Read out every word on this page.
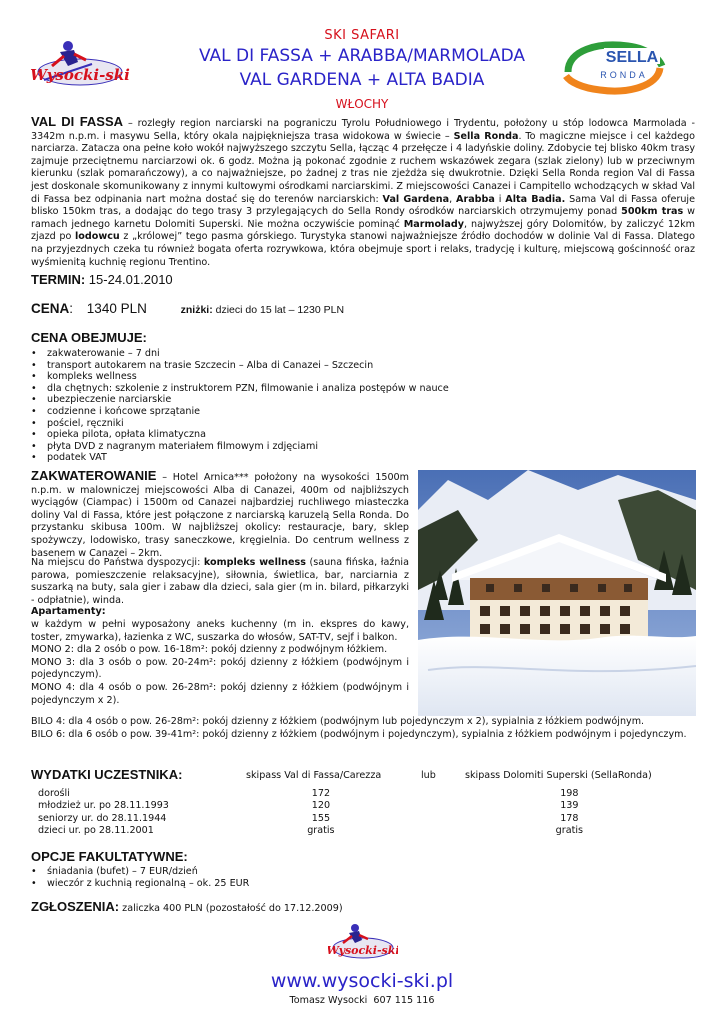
Wysocki-ski
SELLA
RONDA
SKI SAFARI
VAL DI FASSA + ARABBA/MARMOLADA
VAL GARDENA + ALTA BADIA
WŁOCHY
VAL DI FASSA – rozległy region narciarski na pograniczu Tyrolu Południowego i Trydentu, położony u stóp lodowca Marmolada - 3342m n.p.m. i masywu Sella, który okala najpiękniejsza trasa widokowa w świecie – Sella Ronda. To magiczne miejsce i cel każdego narciarza. Zatacza ona pełne koło wokół najwyższego szczytu Sella, łącząc 4 przełęcze i 4 ladyńskie doliny. Zdobycie tej blisko 40km trasy zajmuje przeciętnemu narciarzowi ok. 6 godz. Można ją pokonać zgodnie z ruchem wskazówek zegara (szlak zielony) lub w przeciwnym kierunku (szlak pomarańczowy), a co najważniejsze, po żadnej z tras nie zjeżdża się dwukrotnie. Dzięki Sella Ronda region Val di Fassa jest doskonale skomunikowany z innymi kultowymi ośrodkami narciarskimi. Z miejscowości Canazei i Campitello wchodzących w skład Val di Fassa bez odpinania nart można dostać się do terenów narciarskich: Val Gardena, Arabba i Alta Badia. Sama Val di Fassa oferuje blisko 150km tras, a dodając do tego trasy 3 przylegających do Sella Rondy ośrodków narciarskich otrzymujemy ponad 500km tras w ramach jednego karnetu Dolomiti Superski. Nie można oczywiście pominąć Marmolady, najwyższej góry Dolomitów, by zaliczyć 12km zjazd po lodowcu z „królowej” tego pasma górskiego. Turystyka stanowi najważniejsze źródło dochodów w dolinie Val di Fassa. Dlatego na przyjezdnych czeka tu również bogata oferta rozrywkowa, która obejmuje sport i relaks, tradycję i kulturę, miejscową gościnność oraz wyśmienitą kuchnię regionu Trentino.
TERMIN: 15-24.01.2010
CENA: 1340 PLN	zniżki: dzieci do 15 lat – 1230 PLN
CENA OBEJMUJE:
• zakwaterowanie – 7 dni
• transport autokarem na trasie Szczecin – Alba di Canazei – Szczecin
• kompleks wellness
• dla chętnych: szkolenie z instruktorem PZN, filmowanie i analiza postępów w nauce
• ubezpieczenie narciarskie
• codzienne i końcowe sprzątanie
• pościel, ręczniki
• opieka pilota, opłata klimatyczna
• płyta DVD z nagranym materiałem filmowym i zdjęciami
• podatek VAT
ZAKWATEROWANIE – Hotel Arnica*** położony na wysokości 1500m n.p.m. w malowniczej miejscowości Alba di Canazei, 400m od najbliższych wyciągów (Ciampac) i 1500m od Canazei najbardziej ruchliwego miasteczka doliny Val di Fassa, które jest połączone z narciarską karuzelą Sella Ronda. Do przystanku skibusa 100m. W najbliższej okolicy: restauracje, bary, sklep spożywczy, lodowisko, trasy saneczkowe, kręgielnia. Do centrum wellness z basenem w Canazei – 2km.
Na miejscu do Państwa dyspozycji: kompleks wellness (sauna fińska, łaźnia parowa, pomieszczenie relaksacyjne), siłownia, świetlica, bar, narciarnia z suszarką na buty, sala gier i zabaw dla dzieci, sala gier (m in. bilard, piłkarzyki - odpłatnie), winda.
Apartamenty:
w każdym w pełni wyposażony aneks kuchenny (m in. ekspres do kawy, toster, zmywarka), łazienka z WC, suszarka do włosów, SAT-TV, sejf i balkon.
MONO 2: dla 2 osób o pow. 16-18m²: pokój dzienny z podwójnym łóżkiem.
MONO 3: dla 3 osób o pow. 20-24m²: pokój dzienny z łóżkiem (podwójnym i pojedynczym).
MONO 4: dla 4 osób o pow. 26-28m²: pokój dzienny z łóżkiem (podwójnym i pojedynczym x 2).
BILO 4: dla 4 osób o pow. 26-28m²: pokój dzienny z łóżkiem (podwójnym lub pojedynczym x 2), sypialnia z łóżkiem podwójnym.
BILO 6: dla 6 osób o pow. 39-41m²: pokój dzienny z łóżkiem (podwójnym i pojedynczym), sypialnia z łóżkiem podwójnym i pojedynczym.
WYDATKI UCZESTNIKA:	skipass Val di Fassa/Carezza	lub	skipass Dolomiti Superski (SellaRonda)
dorośli	172	198
młodzież ur. po 28.11.1993	120	139
seniorzy ur. do 28.11.1944	155	178
dzieci ur. po 28.11.2001	gratis	gratis
OPCJE FAKULTATYWNE:
• śniadania (bufet) – 7 EUR/dzień
• wieczór z kuchnią regionalną – ok. 25 EUR
ZGŁOSZENIA: zaliczka 400 PLN (pozostałość do 17.12.2009)
Wysocki-ski
www.wysocki-ski.pl
Tomasz Wysocki  607 115 116
